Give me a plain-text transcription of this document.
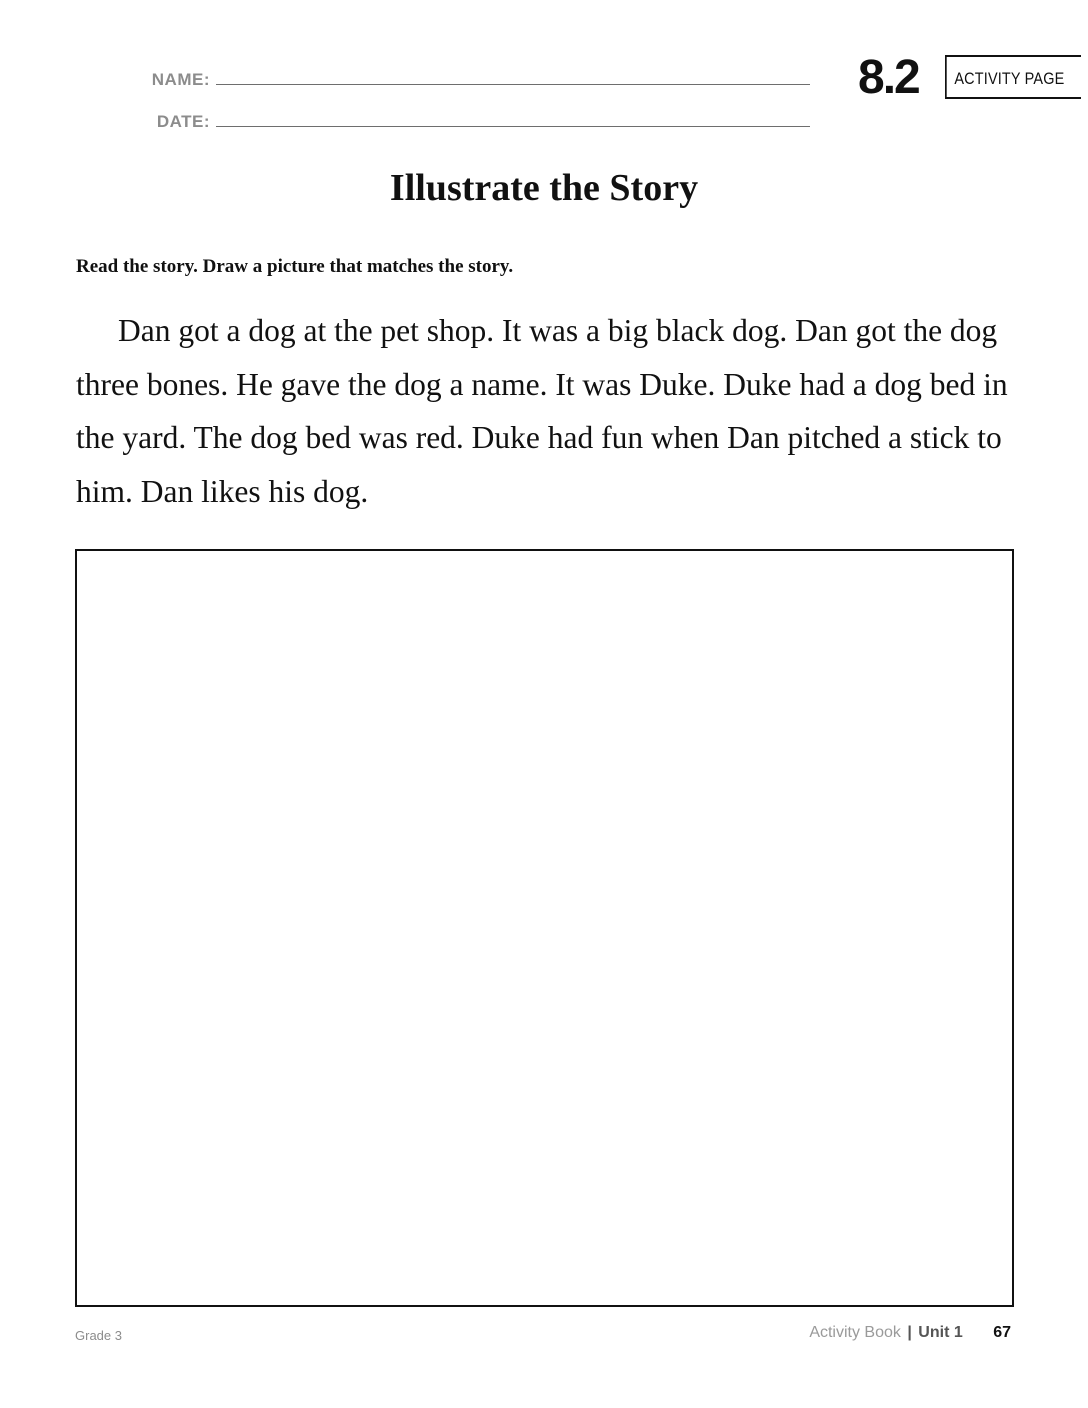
NAME:
DATE:
8.2	ACTIVITY PAGE
Illustrate the Story
Read the story. Draw a picture that matches the story.

Dan got a dog at the pet shop. It was a big black dog. Dan got the dog three bones. He gave the dog a name. It was Duke. Duke had a dog bed in the yard. The dog bed was red. Duke had fun when Dan pitched a stick to him. Dan likes his dog.

Grade 3	Activity Book | Unit 1 67
